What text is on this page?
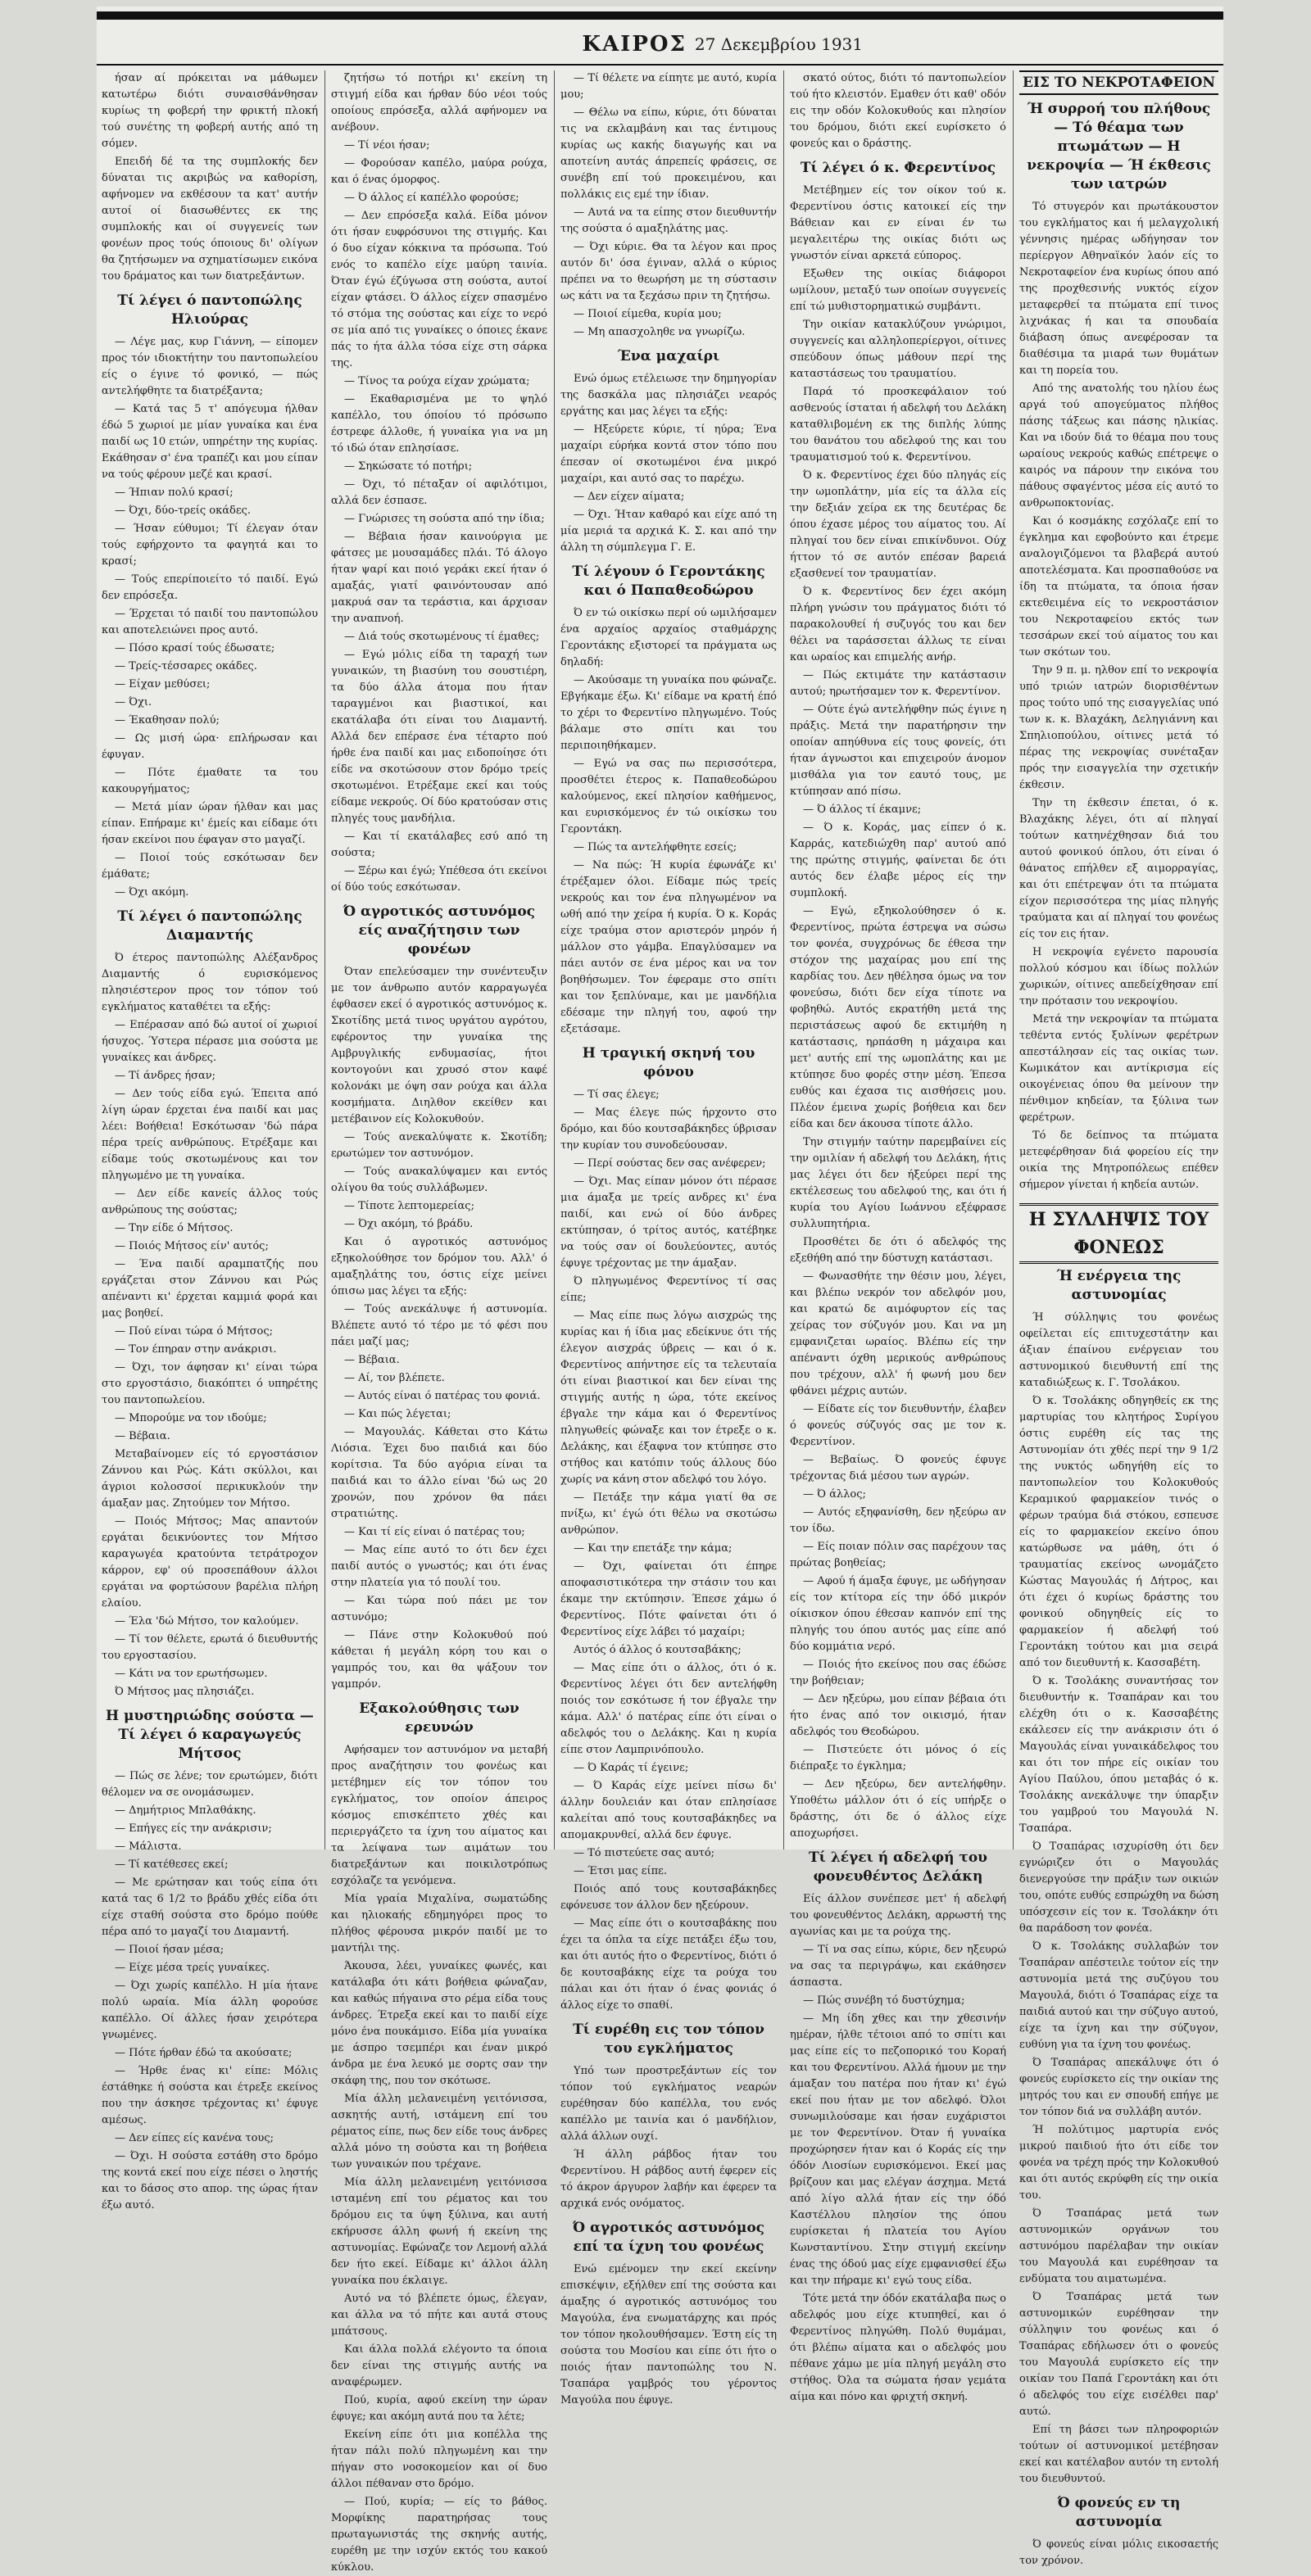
ΚΑΙΡΟΣ 27 Δεκεμβρίου 1931

ήσαν αί πρόκειται να μάθωμεν κατωτέρω διότι συναισθάνθησαν κυρίως τη φοβερή την φρικτή πλοκή τού συνέτης τη φοβερή αυτής από τη σόμεν.

Επειδή δέ τα της συμπλοκής δεν δύναται τις ακριβώς να καθορίση, αφήνομεν να εκθέσουν τα κατ' αυτήν αυτοί οί διασωθέντες εκ της συμπλοκής και οί συγγενείς των φονέων προς τούς όποιους δι' ολίγων θα ζητήσωμεν να σχηματίσωμεν εικόνα του δράματος και των διατρεξάντων.

Τί λέγει ό παντοπώλης Ηλιούρας

— Λέγε μας, κυρ Γιάννη, — είπομεν προς τόν ιδιοκτήτην του παντοπωλείου είς ο έγινε τό φονικό, — πώς αντελήφθητε τα διατρέξαντα;

— Κατά τας 5 τ' απόγευμα ήλθαν έδώ 5 χωριοί με μίαν γυναίκα και ένα παιδί ως 10 ετών, υπηρέτην της κυρίας. Εκάθησαν σ' ένα τραπέζι και μου είπαν να τούς φέρουν μεζέ και κρασί.

— Ήπιαν πολύ κρασί;

— Όχι, δύο-τρείς οκάδες.

— Ήσαν εύθυμοι; Τί έλεγαν όταν τούς εφήρχοντο τα φαγητά και το κρασί;

— Τούς επερίποιείτο τό παιδί. Εγώ δεν επρόσεξα.

— Έρχεται τό παιδί του παντοπώλου και αποτελειώνει προς αυτό.

— Πόσο κρασί τούς έδωσατε;

— Τρείς-τέσσαρες οκάδες.

— Είχαν μεθύσει;

— Όχι.

— Έκαθησαν πολύ;

— Ως μισή ώρα· επλήρωσαν και έφυγαν.

— Πότε έμαθατε τα του κακουργήματος;

— Μετά μίαν ώραν ήλθαν και μας είπαν. Επήραμε κι' έμείς και είδαμε ότι ήσαν εκείνοι που έφαγαν στο μαγαζί.

— Ποιοί τούς εσκότωσαν δεν έμάθατε;

— Όχι ακόμη.

Τί λέγει ό παντοπώλης Διαμαντής

Ό έτερος παντοπώλης Αλέξανδρος Διαμαντής ό ευρισκόμενος πλησιέστερον προς τον τόπον τού εγκλήματος καταθέτει τα εξής:

— Επέρασαν από δώ αυτοί οί χωριοί ήσυχος. Ύστερα πέρασε μια σούστα με γυναίκες και άνδρες.

— Τί άνδρες ήσαν;

— Δεν τούς είδα εγώ. Έπειτα από λίγη ώραν έρχεται ένα παιδί και μας λέει: Βοήθεια! Εσκότωσαν 'δώ πάρα πέρα τρείς ανθρώπους. Ετρέξαμε και είδαμε τούς σκοτωμένους και τον πληγωμένο με τη γυναίκα.

— Δεν είδε κανείς άλλος τούς ανθρώπους της σούστας;

— Την είδε ό Μήτσος.

— Ποιός Μήτσος είν' αυτός;

— Ένα παιδί αραμπατζής που εργάζεται στον Ζάννου και Ρώς απέναντι κι' έρχεται καμμιά φορά και μας βοηθεί.

— Πού είναι τώρα ό Μήτσος;

— Τον έπηραν στην ανάκρισι.

— Όχι, τον άφησαν κι' είναι τώρα στο εργοστάσιο, διακόπτει ό υπηρέτης του παντοπωλείου.

— Μπορούμε να τον ιδούμε;

— Βέβαια.

Μεταβαίνομεν είς τό εργοστάσιον Ζάννου και Ρώς. Κάτι σκύλλοι, και άγριοι κολοσσοί περικυκλούν την άμαξαν μας. Ζητούμεν τον Μήτσο.

— Ποιός Μήτσος; Μας απαντούν εργάται δεικνύοντες τον Μήτσο καραγωγέα κρατούντα τετράτροχον κάρρον, εφ' ού προσεπάθουν άλλοι εργάται να φορτώσουν βαρέλια πλήρη ελαίου.

— Έλα 'δώ Μήτσο, τον καλούμεν.

— Τί τον θέλετε, ερωτά ό διευθυντής του εργοστασίου.

— Κάτι να τον ερωτήσωμεν.

Ό Μήτσος μας πλησιάζει.

Η μυστηριώδης σούστα — Τί λέγει ό καραγωγεύς Μήτσος

— Πώς σε λένε; τον ερωτώμεν, διότι θέλομεν να σε ονομάσωμεν.

— Δημήτριος Μπλαθάκης.

— Επήγες είς την ανάκρισιν;

— Μάλιστα.

— Τί κατέθεσες εκεί;

— Με ερώτησαν και τούς είπα ότι κατά τας 6 1/2 το βράδυ χθές είδα ότι είχε σταθή σούστα στο δρόμο πούθε πέρα από το μαγαζί του Διαμαντή.

— Ποιοί ήσαν μέσα;

— Είχε μέσα τρείς γυναίκες.

— Όχι χωρίς καπέλλο. Η μία ήτανε πολύ ωραία. Μία άλλη φορούσε καπέλλο. Οί άλλες ήσαν χειρότερα γνωμένες.

— Πότε ήρθαν έδώ τα ακούσατε;

— Ήρθε ένας κι' είπε: Μόλις έστάθηκε ή σούστα και έτρεξε εκείνος που την άσκησε τρέχοντας κι' έφυγε αμέσως.

— Δεν είπες είς κανένα τους;

— Όχι. Η σούστα εστάθη στο δρόμο της κοντά εκεί που είχε πέσει ο ληστής και το δάσος στο απορ. της ώρας ήταν έξω αυτό.

ζητήσω τό ποτήρι κι' εκείνη τη στιγμή είδα και ήρθαν δύο νέοι τούς οποίους επρόσεξα, αλλά αφήνομεν να ανέβουν.

— Τί νέοι ήσαν;

— Φορούσαν καπέλο, μαύρα ρούχα, και ό ένας όμορφος.

— Ό άλλος εί καπέλλο φορούσε;

— Δεν επρόσεξα καλά. Είδα μόνον ότι ήσαν ευφρόσυνοι της στιγμής. Και ό δυο είχαν κόκκινα τα πρόσωπα. Τού ενός το καπέλο είχε μαύρη ταινία. Όταν έγώ έζύγωσα στη σούστα, αυτοί είχαν φτάσει. Ό άλλος είχεν σπασμένο τό στόμα της σούστας και είχε το νερό σε μία από τις γυναίκες ο όποιες έκανε πάς το ήτα άλλα τόσα είχε στη σάρκα της.

— Τίνος τα ρούχα είχαν χρώματα;

— Εκαθαρισμένα με το ψηλό καπέλλο, του όποίου τό πρόσωπο έστρεφε άλλοθε, ή γυναίκα για να μη τό ιδώ όταν επλησίασε.

— Σηκώσατε τό ποτήρι;

— Όχι, τό πέταξαν οί αφιλότιμοι, αλλά δεν έσπασε.

— Γνώρισες τη σούστα από την ίδια;

— Βέβαια ήσαν καινούργια με φάτσες με μουσαμάδες πλάι. Τό άλογο ήταν ψαρί και ποιό γεράκι εκεί ήταν ό αμαξάς, γιατί φαινόντουσαν από μακρυά σαν τα τεράστια, και άρχισαν την αναπνοή.

— Διά τούς σκοτωμένους τί έμαθες;

— Εγώ μόλις είδα τη ταραχή των γυναικών, τη βιασύνη του σουστιέρη, τα δύο άλλα άτομα που ήταν ταραγμένοι και βιαστικοί, και εκατάλαβα ότι είναι του Διαμαντή. Αλλά δεν επέρασε ένα τέταρτο πού ήρθε ένα παιδί και μας ειδοποίησε ότι είδε να σκοτώσουν στον δρόμο τρείς σκοτωμένοι. Ετρέξαμε εκεί και τούς είδαμε νεκρούς. Οί δύο κρατούσαν στις πληγές τους μανδήλια.

— Και τί εκατάλαβες εσύ από τη σούστα;

— Ξέρω και έγώ; Υπέθεσα ότι εκείνοι οί δύο τούς εσκότωσαν.

Ό αγροτικός αστυνόμος είς αναζήτησιν των φονέων

Όταν επελεύσαμεν την συνέντευξιν με τον άνθρωπο αυτόν καρραγωγέα έφθασεν εκεί ό αγροτικός αστυνόμος κ. Σκοτίδης μετά τινος υργάτου αγρότου, εφέροντος την γυναίκα της Αμβρυγλικής ενδυμασίας, ήτοι κοντογούνι και χρυσό στον καφέ κολονάκι με όψη σαν ρούχα και άλλα κοσμήματα. Διηλθον εκείθεν και μετέβαινον είς Κολοκυθούν.

— Τούς ανεκαλύψατε κ. Σκοτίδη; ερωτώμεν τον αστυνόμον.

— Τούς ανακαλύψαμεν και εντός ολίγου θα τούς συλλάβωμεν.

— Τίποτε λεπτομερείας;

— Όχι ακόμη, τό βράδυ.

Και ό αγροτικός αστυνόμος εξηκολούθησε τον δρόμον του. Αλλ' ό αμαξηλάτης του, όστις είχε μείνει όπισω μας λέγει τα εξής:

— Τούς ανεκάλυψε ή αστυνομία. Βλέπετε αυτό τό τέρο με τό φέσι που πάει μαζί μας;

— Βέβαια.

— Αί, τον βλέπετε.

— Αυτός είναι ό πατέρας του φονιά.

— Και πώς λέγεται;

— Μαγουλάς. Κάθεται στο Κάτω Λιόσια. Έχει δυο παιδιά και δύο κορίτσια. Τα δύο αγόρια είναι τα παιδιά και το άλλο είναι 'δώ ως 20 χρονών, που χρόνον θα πάει στρατιώτης.

— Και τί είς είναι ό πατέρας του;

— Μας είπε αυτό το ότι δεν έχει παιδί αυτός ο γνωστός; και ότι ένας στην πλατεία για τό πουλί του.

— Και τώρα πού πάει με τον αστυνόμο;

— Πάνε στην Κολοκυθού πού κάθεται ή μεγάλη κόρη του και ο γαμπρός του, και θα ψάξουν τον γαμπρόν.

Εξακολούθησις των ερευνών

Αφήσαμεν τον αστυνόμον να μεταβή προς αναζήτησιν του φονέως και μετέβημεν είς τον τόπον του εγκλήματος, τον οποίον άπειρος κόσμος επισκέπτετο χθές και περιεργάζετο τα ίχνη του αίματος και τα λείψανα των αιμάτων του διατρεξάντων και ποικιλοτρόπως εσχόλαζε τα γενόμενα.

Μία γραία Μιχαλίνα, σωματώδης και ηλιοκαής εδημηγόρει προς το πλήθος φέρουσα μικρόν παιδί με το μαντήλι της.

Άκουσα, λέει, γυναίκες φωνές, και κατάλαβα ότι κάτι βοήθεια φώναζαν, και καθώς πήγαινα στο ρέμα είδα τους άνδρες. Έτρεξα εκεί και το παιδί είχε μόνο ένα πουκάμισο. Είδα μία γυναίκα με άσπρο τσεμπέρι και έναν μικρό άνδρα με ένα λευκό με σορτς σαν την σκάφη της, που τον σκότωσε.

Μία άλλη μελανειμένη γειτόνισσα, ασκητής αυτή, ιστάμενη επί του ρέματος είπε, πως δεν είδε τους άνδρες αλλά μόνο τη σούστα και τη βοήθεια των γυναικών που τρέχανε.

Μία άλλη μελανειμένη γειτόνισσα ισταμένη επί του ρέματος και του δρόμου εις τα ύψη ξύλινα, και αυτή εκήρυσσε άλλη φωνή ή εκείνη της αστυνομίας. Εφώναζε τον Λεμονή αλλά δεν ήτο εκεί. Είδαμε κι' άλλοι άλλη γυναίκα που έκλαιγε.

Αυτό να τό βλέπετε όμως, έλεγαν, και άλλα να τό πήτε και αυτά στους μπάτσους.

Και άλλα πολλά ελέγοντο τα όποια δεν είναι της στιγμής αυτής να αναφέρωμεν.

Πού, κυρία, αφού εκείνη την ώραν έφυγε; και ακόμη αυτά που τα λέτε;

Εκείνη είπε ότι μια κοπέλλα της ήταν πάλι πολύ πληγωμένη και την πήγαν στο νοσοκομείον και οί δυο άλλοι πέθαναν στο δρόμο.

— Πού, κυρία; — είς το βάθος. Μορφίκης παρατηρήσας τους πρωταγωνιστάς της σκηνής αυτής, ευρέθη με την ισχύν εκτός του κακού κύκλου.

— Τί θέλετε να είπητε με αυτό, κυρία μου;

— Θέλω να είπω, κύριε, ότι δύναται τις να εκλαμβάνη και τας έντιμους κυρίας ως κακής διαγωγής και να αποτείνη αυτάς άπρεπείς φράσεις, σε συνέβη επί τού προκειμένου, και πολλάκις εις εμέ την ίδιαν.

— Αυτά να τα είπης στον διευθυντήν της σούστα ό αμαξηλάτης μας.

— Όχι κύριε. Θα τα λέγον και προς αυτόν δι' όσα έγιναν, αλλά ο κύριος πρέπει να το θεωρήση με τη σύστασιν ως κάτι να τα ξεχάσω πριν τη ζητήσω.

— Ποιοί είμεθα, κυρία μου;

— Μη απασχοληθε να γνωρίζω.

Ένα μαχαίρι

Ενώ όμως ετέλειωσε την δημηγορίαν της δασκάλα μας πλησιάζει νεαρός εργάτης και μας λέγει τα εξής:

— Ηξεύρετε κύριε, τί ηύρα; Ένα μαχαίρι εύρήκα κοντά στον τόπο που έπεσαν οί σκοτωμένοι ένα μικρό μαχαίρι, και αυτό σας το παρέχω.

— Δεν είχεν αίματα;

— Όχι. Ήταν καθαρό και είχε από τη μία μεριά τα αρχικά Κ. Σ. και από την άλλη τη σύμπλεγμα Γ. Ε.

Τί λέγουν ό Γεροντάκης και ό Παπαθεοδώρου

Ό εν τώ οικίσκω περί ού ωμιλήσαμεν ένα αρχαίος αρχαίος σταθμάρχης Γεροντάκης εξιστορεί τα πράγματα ως δηλαδή:

— Ακούσαμε τη γυναίκα που φώναζε. Εβγήκαμε έξω. Κι' είδαμε να κρατή έπό το χέρι το Φερεντίνο πληγωμένο. Τούς βάλαμε στο σπίτι και του περιποιηθήκαμεν.

— Εγώ να σας πω περισσότερα, προσθέτει έτερος κ. Παπαθεοδώρου καλούμενος, εκεί πλησίον καθήμενος, και ευρισκόμενος έν τώ οικίσκω του Γεροντάκη.

— Πώς τα αντελήφθητε εσείς;

— Να πώς: Ή κυρία έφωνάζε κι' έτρέξαμεν όλοι. Είδαμε πώς τρείς νεκρούς και τον ένα πληγωμένον να ωθή από την χείρα ή κυρία. Ό κ. Κοράς είχε τραύμα στον αριστερόν μηρόν ή μάλλον στο γάμβα. Επαγλύσαμεν να πάει αυτόν σε ένα μέρος και να τον βοηθήσωμεν. Τον έφεραμε στο σπίτι και τον ξεπλύναμε, και με μανδήλια εδέσαμε την πληγή του, αφού την εξετάσαμε.

Η τραγική σκηνή του φόνου

— Τί σας έλεγε;

— Μας έλεγε πώς ήρχοντο στο δρόμο, και δύο κουτσαβάκηδες ύβρισαν την κυρίαν του συνοδεύουσαν.

— Περί σούστας δεν σας ανέφερεν;

— Όχι. Μας είπαν μόνον ότι πέρασε μια άμαξα με τρείς ανδρες κι' ένα παιδί, και ενώ οί δύο άνδρες εκτύπησαν, ό τρίτος αυτός, κατέβηκε να τούς σαν οί δουλεύοντες, αυτός έφυγε τρέχοντας με την άμαξαν.

Ό πληγωμένος Φερεντίνος τί σας είπε;

— Μας είπε πως λόγω αισχρώς της κυρίας και ή ίδια μας εδείκνυε ότι τής έλεγον αισχράς ύβρεις — και ό κ. Φερεντίνος απήντησε είς τα τελευταία ότι είναι βιαστικοί και δεν είναι της στιγμής αυτής η ώρα, τότε εκείνος έβγαλε την κάμα και ό Φερεντίνος πληγωθείς φώναξε και τον έτρεξε ο κ. Δελάκης, και έξαφνα τον κτύπησε στο στήθος και κατόπιν τούς άλλους δύο χωρίς να κάνη στον αδελφό του λόγο.

— Πετάξε την κάμα γιατί θα σε πνίξω, κι' έγώ ότι θέλω να σκοτώσω ανθρώπον.

— Και την επετάξε την κάμα;

— Όχι, φαίνεται ότι έπηρε αποφασιστικότερα την στάσιν του και έκαμε την εκτύπησιν. Έπεσε χάμω ό Φερεντίνος. Πότε φαίνεται ότι ό Φερεντίνος είχε λάβει τό μαχαίρι;

Αυτός ό άλλος ό κουτσαβάκης;

— Μας είπε ότι ο άλλος, ότι ό κ. Φερεντίνος λέγει ότι δεν αντελήφθη ποιός τον εσκότωσε ή τον έβγαλε την κάμα. Αλλ' ό πατέρας είπε ότι είναι ο αδελφός του ο Δελάκης. Και η κυρία είπε στον Λαμπρινόπουλο.

— Ό Καράς τί έγεινε;

— Ό Καράς είχε μείνει πίσω δι' άλλην δουλειάν και όταν επλησίασε καλείται από τους κουτσαβάκηδες να απομακρυνθεί, αλλά δεν έφυγε.

— Τό πιστεύετε σας αυτό;

— Έτσι μας είπε.

Ποιός από τους κουτσαβάκηδες εφόνευσε τον άλλον δεν ηξεύρουν.

— Μας είπε ότι ο κουτσαβάκης που έχει τα όπλα τα είχε πετάξει έξω του, και ότι αυτός ήτο ο Φερεντίνος, διότι ό δε κουτσαβάκης είχε τα ρούχα του πάλαι και ότι ήταν ό ένας φονιάς ό άλλος είχε το σπαθί.

Τί ευρέθη εις τον τόπον του εγκλήματος

Υπό των προστρεξάντων είς τον τόπον τού εγκλήματος νεαρών ευρέθησαν δύο καπέλλα, του ενός καπέλλο με ταινία και ό μανδήλιον, αλλά άλλων ουχί.

Ή άλλη ράβδος ήταν του Φερεντίνου. Η ράβδος αυτή έφερεν είς τό άκρον άργυρον λαβήν και έφερεν τα αρχικά ενός ονόματος.

Ό αγροτικός αστυνόμος επί τα ίχνη του φονέως

Ενώ εμένομεν την εκεί εκείνην επισκέψιν, εξήλθεν επί της σούστα και άμαξης ό αγροτικός αστυνόμος του Μαγούλα, ένα ενωματάρχης και πρός τον τόπον ηκολουθήσαμεν. Έστη είς τη σούστα του Μοσίου και είπε ότι ήτο ο ποιός ήταν παντοπώλης του Ν. Τσαπάρα γαμβρός του γέροντος Μαγούλα που έφυγε.

σκατό ούτος, διότι τό παντοπωλείον τού ήτο κλειστόν. Εμαθεν ότι καθ' οδόν εις την οδόν Κολοκυθούς και πλησίον του δρόμου, διότι εκεί ευρίσκετο ό φονεύς και ο δράστης.

Τί λέγει ό κ. Φερεντίνος

Μετέβημεν είς τον οίκον τού κ. Φερεντίνου όστις κατοικεί είς την Βάθειαν και εν είναι έν τω μεγαλειτέρω της οικίας διότι ως γνωστόν είναι αρκετά εύπορος.

Εξωθεν της οικίας διάφοροι ωμίλουν, μεταξύ των οποίων συγγενείς επί τώ μυθιστορηματικώ συμβάντι.

Την οικίαν κατακλύζουν γνώριμοι, συγγενείς και αλληλοπερίεργοι, οίτινες σπεύδουν όπως μάθουν περί της καταστάσεως του τραυματίου.

Παρά τό προσκεφάλαιον τού ασθενούς ίσταται ή αδελφή του Δελάκη καταθλιβομένη εκ της διπλής λύπης του θανάτου του αδελφού της και του τραυματισμού τού κ. Φερεντίνου.

Ό κ. Φερεντίνος έχει δύο πληγάς είς την ωμοπλάτην, μία είς τα άλλα είς την δεξιάν χείρα εκ της δευτέρας δε όπου έχασε μέρος του αίματος του. Αί πληγαί του δεν είναι επικίνδυνοι. Ούχ ήττον τό σε αυτόν επέσαν βαρειά εξασθενεί τον τραυματίαν.

Ό κ. Φερεντίνος δεν έχει ακόμη πλήρη γνώσιν του πράγματος διότι τό παρακολουθεί ή συζυγός του και δεν θέλει να ταράσσεται άλλως τε είναι και ωραίος και επιμελής ανήρ.

— Πώς εκτιμάτε την κατάστασιν αυτού; ηρωτήσαμεν τον κ. Φερεντίνον.

— Ούτε έγώ αντελήφθην πώς έγινε η πράξις. Μετά την παρατήρησιν την οποίαν απηύθυνα είς τους φονείς, ότι ήταν άγνωστοι και επιχειρούν άνομον μισθάλα για τον εαυτό τους, με κτύπησαν από πίσω.

— Ό άλλος τί έκαμνε;

— Ό κ. Κοράς, μας είπεν ό κ. Καρράς, κατεδιώχθη παρ' αυτού από της πρώτης στιγμής, φαίνεται δε ότι αυτός δεν έλαβε μέρος είς την συμπλοκή.

— Εγώ, εξηκολούθησεν ό κ. Φερεντίνος, πρώτα έστρεψα να σώσω τον φονέα, συγχρόνως δε έθεσα την στόχον της μαχαίρας μου επί της καρδίας του. Δεν ηθέλησα όμως να τον φονεύσω, διότι δεν είχα τίποτε να φοβηθώ. Αυτός εκρατήθη μετά της περιστάσεως αφού δε εκτιμήθη η κατάστασις, ηρπάσθη η μάχαιρα και μετ' αυτής επί της ωμοπλάτης και με κτύπησε δυο φορές στην μέση. Έπεσα ευθύς και έχασα τις αισθήσεις μου. Πλέον έμεινα χωρίς βοήθεια και δεν είδα και δεν άκουσα τίποτε άλλο.

Την στιγμήν ταύτην παρεμβαίνει είς την ομιλίαν ή αδελφή του Δελάκη, ήτις μας λέγει ότι δεν ήξεύρει περί της εκτέλεσεως του αδελφού της, και ότι ή κυρία του Αγίου Ιωάννου εξέφρασε συλλυπητήρια.

Προσθέτει δε ότι ό αδελφός της εξεθήθη από την δύστυχη κατάστασι.

— Φωνασθήτε την θέσιν μου, λέγει, και βλέπω νεκρόν τον αδελφόν μου, και κρατώ δε αιμόφυρτον είς τας χείρας τον σύζυγόν μου. Και να μη εμφανιζεται ωραίος. Βλέπω είς την απέναντι όχθη μερικούς ανθρώπους που τρέχουν, αλλ' ή φωνή μου δεν φθάνει μέχρις αυτών.

— Είδατε είς τον διευθυντήν, έλαβεν ό φονεύς σύζυγός σας με τον κ. Φερεντίνον.

— Βεβαίως. Ό φονεύς έφυγε τρέχοντας διά μέσου των αγρών.

— Ό άλλος;

— Αυτός εξηφανίσθη, δεν ηξεύρω αν τον ίδω.

— Είς ποιαν πόλιν σας παρέχουν τας πρώτας βοηθείας;

— Αφού ή άμαξα έφυγε, με ωδήγησαν είς τον κτίτορα είς την όδό μικρόν οίκισκον όπου έθεσαν καπνόν επί της πληγής του όπου αυτός μας είπε από δύο κομμάτια νερό.

— Ποιός ήτο εκείνος που σας έδώσε την βοήθειαν;

— Δεν ηξεύρω, μου είπαν βέβαια ότι ήτο ένας από τον οικισμό, ήταν αδελφός του Θεοδώρου.

— Πιστεύετε ότι μόνος ό είς διέπραξε το έγκλημα;

— Δεν ηξεύρω, δεν αντελήφθην. Υποθέτω μάλλον ότι ό είς υπήρξε ο δράστης, ότι δε ό άλλος είχε αποχωρήσει.

Τί λέγει ή αδελφή του φονευθέντος Δελάκη

Είς άλλον συνέπεσε μετ' ή αδελφή του φονευθέντος Δελάκη, αρρωστή της αγωνίας και με τα ρούχα της.

— Τί να σας είπω, κύριε, δεν ηξευρώ να σας τα περιγράψω, και εκάθησεν άσπαστα.

— Πώς συνέβη τό δυστύχημα;

— Μη ίδη χθες και την χθεσινήν ημέραν, ήλθε τέτοιοι από το σπίτι και μας είπε είς το πεζοπορικό του Κοραή και του Φερεντίνου. Αλλά ήμουν με την άμαξαν του πατέρα που ήταν κι' έγώ εκεί που ήταν με τον αδελφό. Όλοι συνωμιλούσαμε και ήσαν ευχάριστοι με τον Φερεντίνον. Όταν ή γυναίκα προχώρησεν ήταν και ό Κοράς είς την όδόν Λιοσίων ευρισκόμενοι. Εκεί μας βρίζουν και μας ελέγαν άσχημα. Μετά από λίγο αλλά ήταν είς την όδό Καστέλλου πλησίον της όπου ευρίσκεται ή πλατεία του Αγίου Κωνσταντίνου. Στην στιγμή εκείνην ένας της όδού μας είχε εμφανισθεί έξω και την πήραμε κι' εγώ τους είδα.

Τότε μετά την όδόν εκατάλαβα πως ο αδελφός μου είχε κτυπηθεί, και ό Φερεντίνος πληγώθη. Πολύ θυμάμαι, ότι βλέπω αίματα και ο αδελφός μου πέθανε χάμω με μία πληγή μεγάλη στο στήθος. Όλα τα σώματα ήσαν γεμάτα αίμα και πόνο και φριχτή σκηνή.

ΕΙΣ ΤΟ ΝΕΚΡΟΤΑΦΕΙΟΝ
Ή συρροή του πλήθους — Τό θέαμα των πτωμάτων — Η νεκροψία — Ή έκθεσις των ιατρών

Τό στυγερόν και πρωτάκουστον του εγκλήματος και ή μελαγχολική γέννησις ημέρας ωδήγησαν τον περίεργον Αθηναϊκόν λαόν είς το Νεκροταφείον ένα κυρίως όπου από της προχθεσινής νυκτός είχον μεταφερθεί τα πτώματα επί τινος λιχνάκας ή και τα σπουδαία διάβαση όπως ανεφέροσαν τα διαθέσιμα τα μιαρά των θυμάτων και τη πορεία του.

Από της ανατολής του ηλίου έως αργά τού απογεύματος πλήθος πάσης τάξεως και πάσης ηλικίας. Και να ιδούν διά το θέαμα που τους ωραίους νεκρούς καθώς επέτρεψε ο καιρός να πάρουν την εικόνα του πάθους σφαγέντος μέσα είς αυτό το ανθρωποκτονίας.

Και ό κοσμάκης εσχόλαζε επί το έγκλημα και εφοβούντο και έτρεμε αναλογιζόμενοι τα βλαβερά αυτού αποτελέσματα. Και προσπαθούσε να ίδη τα πτώματα, τα όποια ήσαν εκτεθειμένα είς το νεκροστάσιον του Νεκροταφείου εκτός των τεσσάρων εκεί τού αίματος του και των σκότων του.

Την 9 π. μ. ηλθον επί το νεκροψία υπό τριών ιατρών διορισθέντων προς τούτο υπό της εισαγγελίας υπό των κ. κ. Βλαχάκη, Δεληγιάννη και Σπηλιοπούλου, οίτινες μετά τό πέρας της νεκροψίας συνέταξαν πρός την εισαγγελία την σχετικήν έκθεσιν.

Την τη έκθεσιν έπεται, ό κ. Βλαχάκης λέγει, ότι αί πληγαί τούτων κατηνέχθησαν διά του αυτού φονικού όπλου, ότι είναι ό θάνατος επήλθεν εξ αιμορραγίας, και ότι επέτρεψαν ότι τα πτώματα είχον περισσότερα της μίας πληγής τραύματα και αί πληγαί του φονέως είς τον εις ήταν.

Η νεκροψία εγένετο παρουσία πολλού κόσμου και ίδίως πολλών χωρικών, οίτινες απεδείχθησαν επί την πρότασιν του νεκροψίου.

Μετά την νεκροψίαν τα πτώματα τεθέντα εντός ξυλίνων φερέτρων απεστάλησαν είς τας οικίας των. Κωμικάτον και αντίκρισμα είς οικογένειας όπου θα μείνουν την πένθιμον κηδείαν, τα ξύλινα των φερέτρων.

Τό δε δείπνος τα πτώματα μετεφέρθησαν διά φορείου είς την οικία της Μητροπόλεως επέθεν σήμερον γίνεται ή κηδεία αυτών.

Η ΣΥΛΛΗΨΙΣ ΤΟΥ ΦΟΝΕΩΣ
Ή ενέργεια της αστυνομίας

Ή σύλληψις του φονέως οφείλεται είς επιτυχεστάτην και άξιαν έπαίνου ενέργειαν του αστυνομικού διευθυντή επί της καταδιώξεως κ. Γ. Τσολάκου.

Ό κ. Τσολάκης οδηγηθείς εκ της μαρτυρίας του κλητήρος Συρίγου όστις ευρέθη είς τας της Αστυνομίαν ότι χθές περί την 9 1/2 της νυκτός ωδηγήθη είς το παντοπωλείον του Κολοκυθούς Κεραμικού φαρμακείον τινός ο φέρων τραύμα διά στόκου, εσπευσε είς το φαρμακείον εκείνο όπου κατώρθωσε να μάθη, ότι ό τραυματίας εκείνος ωνομάζετο Κώστας Μαγουλάς ή Δήτρος, και ότι έχει ό κυρίως δράστης του φονικού οδηγηθείς είς το φαρμακείον ή αδελφή τού Γεροντάκη τούτου και μια σειρά από τον διευθυντή κ. Κασσαβέτη.

Ό κ. Τσολάκης συναντήσας τον διευθυντήν κ. Τσαπάραν και του ελέχθη ότι ο κ. Κασσαβέτης εκάλεσεν είς την ανάκρισιν ότι ό Μαγουλάς είναι γυναικάδελφος του και ότι τον πήρε είς οικίαν του Αγίου Παύλου, όπου μεταβάς ό κ. Τσολάκης ανεκάλυψε την ύπαρξιν του γαμβρού του Μαγουλά Ν. Τσαπάρα.

Ό Τσαπάρας ισχυρίσθη ότι δεν εγνώριζεν ότι ο Μαγουλάς διενεργούσε την πράξιν των οικιών του, οπότε ευθύς εσπρώχθη να δώση υπόσχεσιν είς τον κ. Τσολάκην ότι θα παράδοση τον φονέα.

Ό κ. Τσολάκης συλλαβών τον Τσαπάραν απέστειλε τούτον είς την αστυνομία μετά της συζύγου του Μαγουλά, διότι ό Τσαπάρας είχε τα παιδιά αυτού και την σύζυγο αυτού, είχε τα ίχνη και την σύζυγον, ευθύνη για τα ίχνη του φονέως.

Ό Τσαπάρας απεκάλυψε ότι ό φονεύς ευρίσκετο είς την οικίαν της μητρός του και εν σπουδή επήγε με τον τόπον διά να συλλάβη αυτόν.

Ή πολύτιμος μαρτυρία ενός μικρού παιδιού ήτο ότι είδε τον φονέα να τρέχη πρός την Κολοκυθού και ότι αυτός εκρύφθη είς την οικία του.

Ό Τσαπάρας μετά των αστυνομικών οργάνων του αστυνόμου παρέλαβαν την οικίαν του Μαγουλά και ευρέθησαν τα ενδύματα του αιματωμένα.

Ό Τσαπάρας μετά των αστυνομικών ευρέθησαν την σύλληψιν του φονέως και ό Τσαπάρας εδήλωσεν ότι ο φονεύς του Μαγουλά ευρίσκετο είς την οικίαν του Παπά Γεροντάκη και ότι ό αδελφός του είχε εισέλθει παρ' αυτώ.

Επί τη βάσει των πληροφοριών τούτων οί αστυνομικοί μετέβησαν εκεί και κατέλαβον αυτόν τη εντολή του διευθυντού.

Ό φονεύς εν τη αστυνομία

Ό φονεύς είναι μόλις εικοσαετής τον χρόνον.
